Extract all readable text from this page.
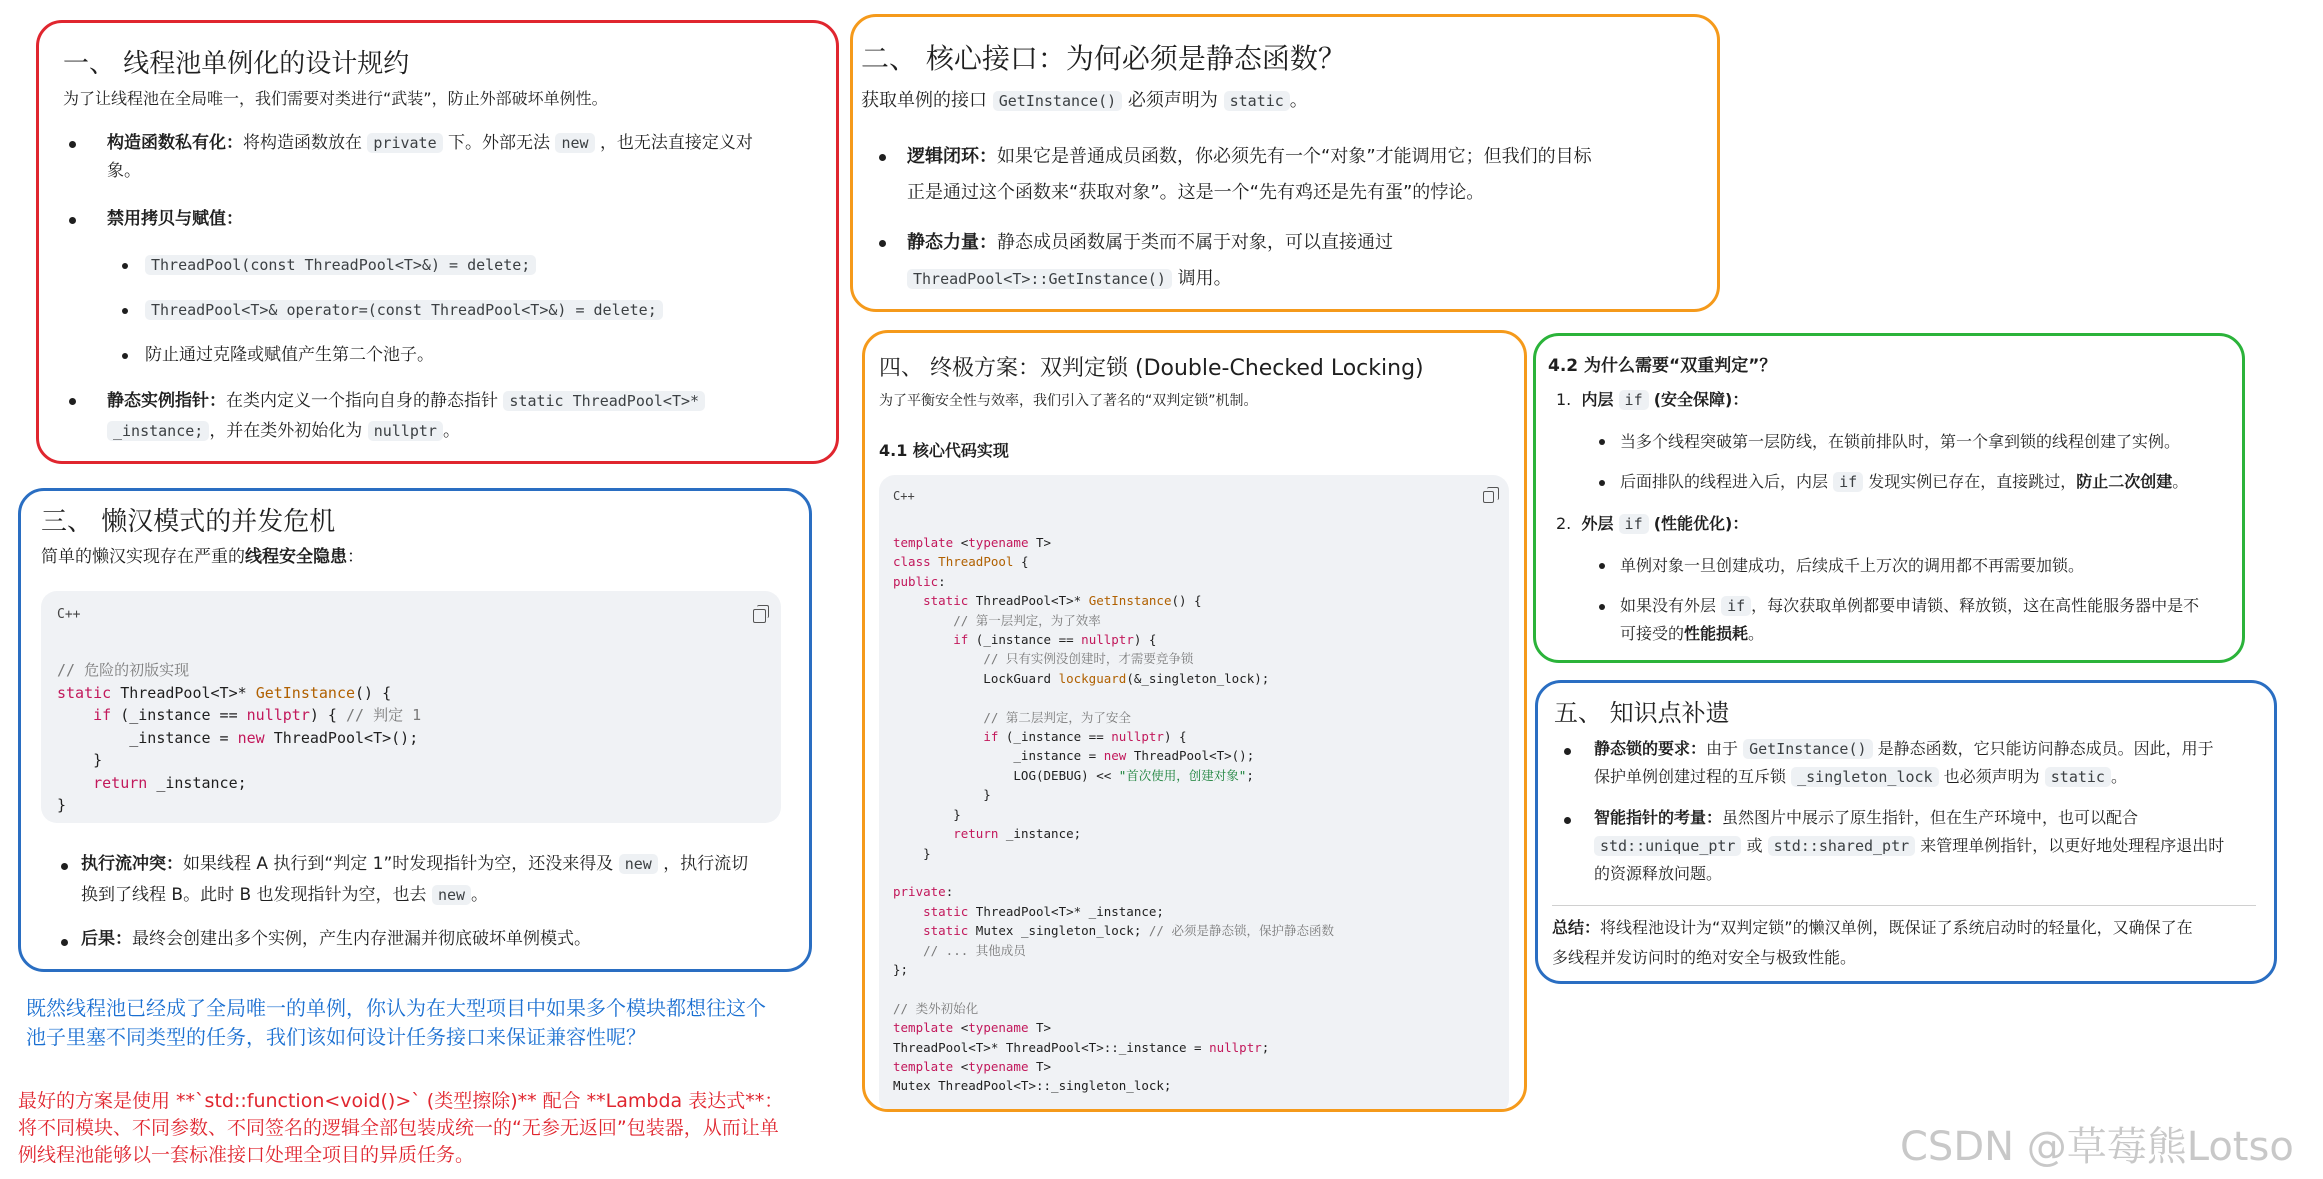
一、 线程池单例化的设计规约
为了让线程池在全局唯一，我们需要对类进行“武装”，防止外部破坏单例性。
构造函数私有化：将构造函数放在 private 下。外部无法 new ，也无法直接定义对
象。
禁用拷贝与赋值：
ThreadPool(const ThreadPool<T>&) = delete;
ThreadPool<T>& operator=(const ThreadPool<T>&) = delete;
防止通过克隆或赋值产生第二个池子。
静态实例指针：在类内定义一个指向自身的静态指针 static ThreadPool<T>*
_instance; ，并在类外初始化为 nullptr 。
二、 核心接口：为何必须是静态函数？
获取单例的接口 GetInstance() 必须声明为 static 。
逻辑闭环：如果它是普通成员函数，你必须先有一个“对象”才能调用它；但我们的目标
正是通过这个函数来“获取对象”。这是一个“先有鸡还是先有蛋”的悖论。
静态力量：静态成员函数属于类而不属于对象，可以直接通过
ThreadPool<T>::GetInstance() 调用。
三、 懒汉模式的并发危机
简单的懒汉实现存在严重的线程安全隐患：
C++
// 危险的初版实现
static ThreadPool<T>* GetInstance() {
if (_instance == nullptr) { // 判定 1
_instance = new ThreadPool<T>();
}
return _instance;
}
执行流冲突：如果线程 A 执行到“判定 1”时发现指针为空，还没来得及 new ，执行流切
换到了线程 B。此时 B 也发现指针为空，也去 new 。
后果：最终会创建出多个实例，产生内存泄漏并彻底破坏单例模式。
四、 终极方案：双判定锁 (Double-Checked Locking)
为了平衡安全性与效率，我们引入了著名的“双判定锁”机制。
4.1 核心代码实现
C++
template <typename T>
class ThreadPool {
public:
static ThreadPool<T>* GetInstance() {
// 第一层判定，为了效率
if (_instance == nullptr) {
// 只有实例没创建时，才需要竞争锁
LockGuard lockguard(&_singleton_lock);

// 第二层判定，为了安全
if (_instance == nullptr) {
_instance = new ThreadPool<T>();
LOG(DEBUG) << "首次使用，创建对象";
}
}
return _instance;
}

private:
static ThreadPool<T>* _instance;
static Mutex _singleton_lock; // 必须是静态锁，保护静态函数
// ... 其他成员
};

// 类外初始化
template <typename T>
ThreadPool<T>* ThreadPool<T>::_instance = nullptr;
template <typename T>
Mutex ThreadPool<T>::_singleton_lock;
4.2 为什么需要“双重判定”？
1. 内层 if (安全保障)：
当多个线程突破第一层防线，在锁前排队时，第一个拿到锁的线程创建了实例。
后面排队的线程进入后，内层 if 发现实例已存在，直接跳过，防止二次创建。
2. 外层 if (性能优化)：
单例对象一旦创建成功，后续成千上万次的调用都不再需要加锁。
如果没有外层 if ，每次获取单例都要申请锁、释放锁，这在高性能服务器中是不
可接受的性能损耗。
五、 知识点补遗
静态锁的要求：由于 GetInstance() 是静态函数，它只能访问静态成员。因此，用于
保护单例创建过程的互斥锁 _singleton_lock 也必须声明为 static 。
智能指针的考量：虽然图片中展示了原生指针，但在生产环境中，也可以配合
std::unique_ptr 或 std::shared_ptr 来管理单例指针，以更好地处理程序退出时
的资源释放问题。
总结：将线程池设计为“双判定锁”的懒汉单例，既保证了系统启动时的轻量化，又确保了在
多线程并发访问时的绝对安全与极致性能。
既然线程池已经成了全局唯一的单例，你认为在大型项目中如果多个模块都想往这个
池子里塞不同类型的任务，我们该如何设计任务接口来保证兼容性呢？
最好的方案是使用 **`std::function<void()>` (类型擦除)** 配合 **Lambda 表达式**：
将不同模块、不同参数、不同签名的逻辑全部包装成统一的“无参无返回”包装器，从而让单
例线程池能够以一套标准接口处理全项目的异质任务。	CSDN @草莓熊Lotso
